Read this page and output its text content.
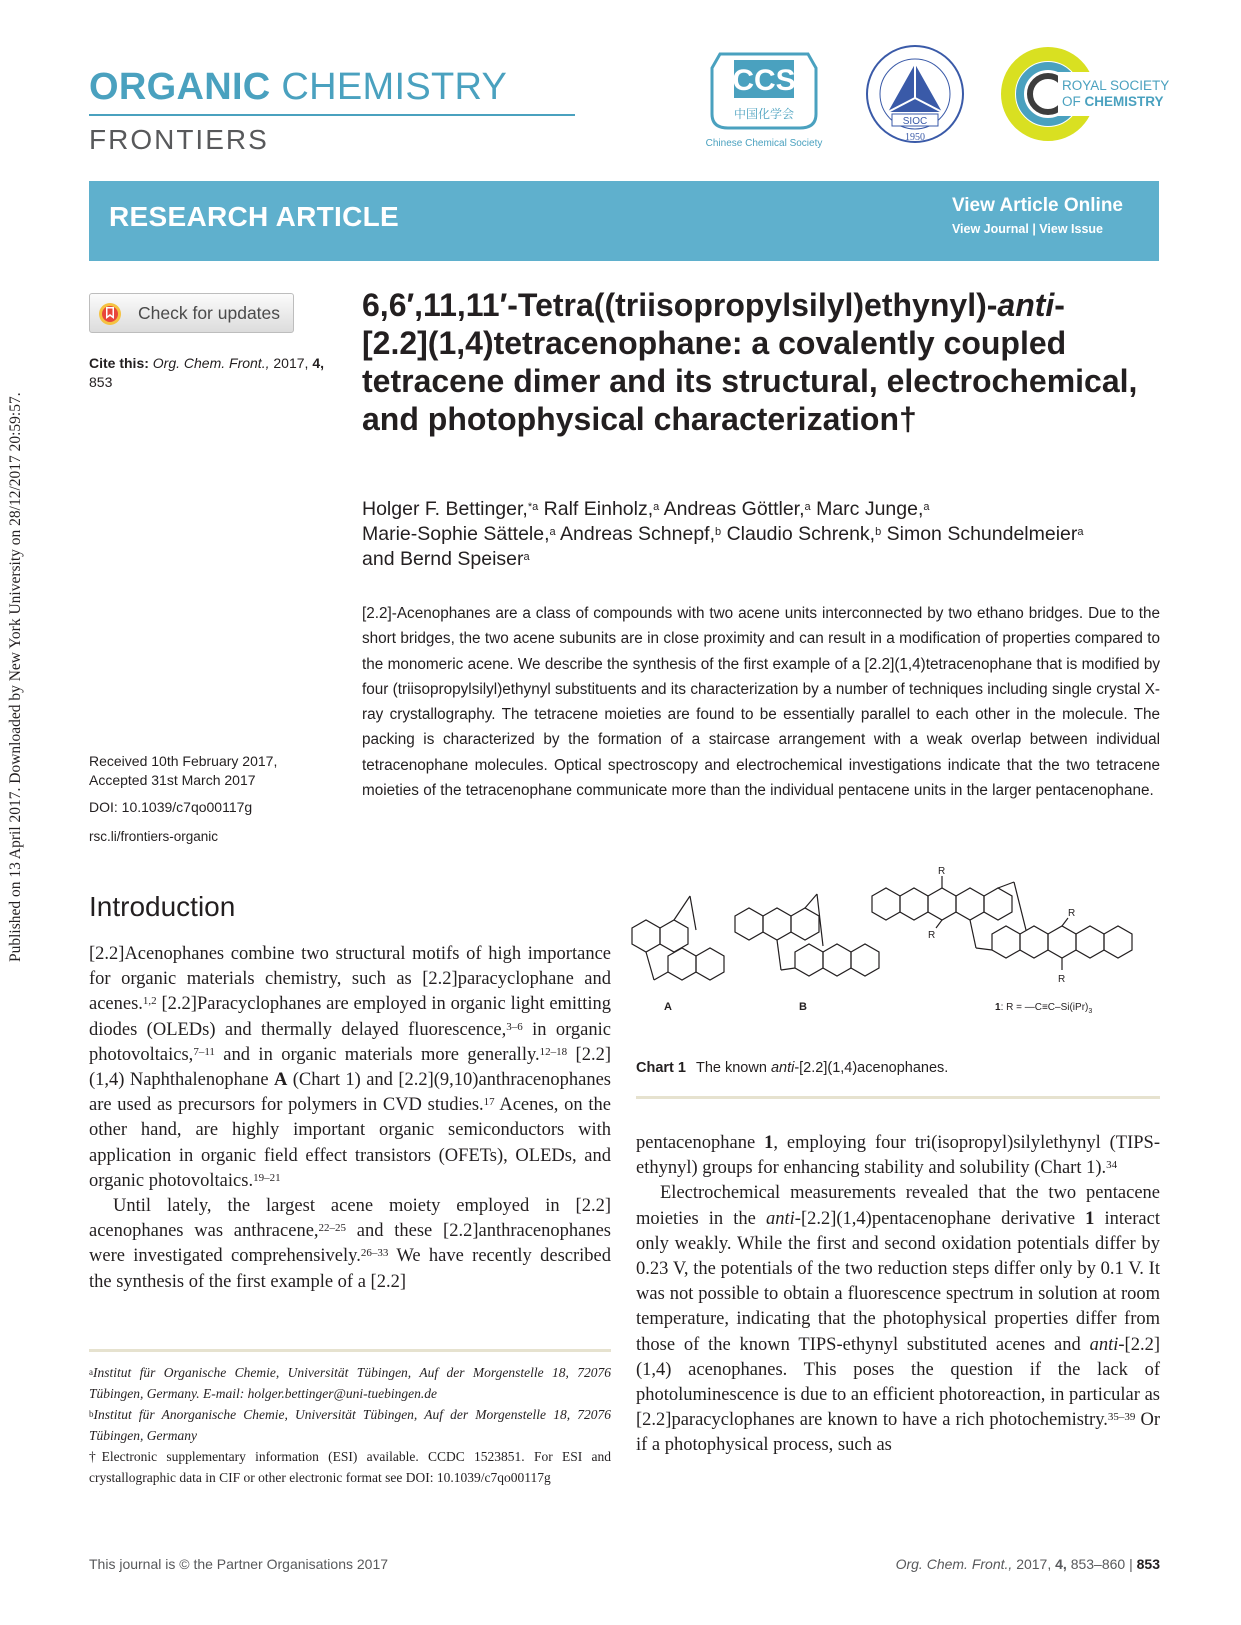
Published on 13 April 2017. Downloaded by New York University on 28/12/2017 20:59:57.
ORGANIC CHEMISTRY
FRONTIERS
CCS
中国化学会
Chinese Chemical Society
SIOC
1950
ROYAL SOCIETY
OF CHEMISTRY
RESEARCH ARTICLE	View Article Online
View Journal | View Issue
Check for updates
Cite this: Org. Chem. Front., 2017, 4,
853
6,6′,11,11′-Tetra((triisopropylsilyl)ethynyl)-anti-
[2.2](1,4)tetracenophane: a covalently coupled tetracene dimer and its structural, electrochemical, and photophysical characterization†
Holger F. Bettinger,$^{*a}$ Ralf Einholz,$^a$ Andreas Göttler,$^a$ Marc Junge,$^a$
Marie-Sophie Sättele,$^a$ Andreas Schnepf,$^b$ Claudio Schrenk,$^b$ Simon Schundelmeier$^a$
and Bernd Speiser$^a$
[2.2]-Acenophanes are a class of compounds with two acene units interconnected by two ethano bridges. Due to the short bridges, the two acene subunits are in close proximity and can result in a modification of properties compared to the monomeric acene. We describe the synthesis of the first example of a [2.2](1,4)tetracenophane that is modified by four (triisopropylsilyl)ethynyl substituents and its characterization by a number of techniques including single crystal X-ray crystallography. The tetracene moieties are found to be essentially parallel to each other in the molecule. The packing is characterized by the formation of a staircase arrangement with a weak overlap between individual tetracenophane molecules. Optical spectroscopy and electrochemical investigations indicate that the two tetracene moieties of the tetracenophane communicate more than the individual pentacene units in the larger pentacenophane.
Received 10th February 2017,
Accepted 31st March 2017
DOI: 10.1039/c7qo00117g
rsc.li/frontiers-organic
Introduction

[2.2]Acenophanes combine two structural motifs of high importance for organic materials chemistry, such as [2.2]paracyclophane and acenes.$^{1,2}$ [2.2]Paracyclophanes are employed in organic light emitting diodes (OLEDs) and thermally delayed fluorescence,$^{3-6}$ in organic photovoltaics,$^{7-11}$ and in organic materials more generally.$^{12-18}$ [2.2](1,4) Naphthalenophane A (Chart 1) and [2.2](9,10)anthracenophanes are used as precursors for polymers in CVD studies.$^{17}$ Acenes, on the other hand, are highly important organic semiconductors with application in organic field effect transistors (OFETs), OLEDs, and organic photovoltaics.$^{19-21}$

Until lately, the largest acene moiety employed in [2.2] acenophanes was anthracene,$^{22-25}$ and these [2.2]anthracenophanes were investigated comprehensively.$^{26-33}$ We have recently described the synthesis of the first example of a [2.2]

$^a$Institut für Organische Chemie, Universität Tübingen, Auf der Morgenstelle 18, 72076 Tübingen, Germany. E-mail: holger.bettinger@uni-tuebingen.de
$^b$Institut für Anorganische Chemie, Universität Tübingen, Auf der Morgenstelle 18, 72076 Tübingen, Germany
†Electronic supplementary information (ESI) available. CCDC 1523851. For ESI and crystallographic data in CIF or other electronic format see DOI: 10.1039/c7qo00117g
A	B
R
R
R
R
1: $R = —C\equiv C-Si(iPr)_3$
Chart 1 The known anti-[2.2](1,4)acenophanes.

pentacenophane 1, employing four tri(isopropyl)silylethynyl (TIPS-ethynyl) groups for enhancing stability and solubility (Chart 1).$^{34}$

Electrochemical measurements revealed that the two pentacene moieties in the anti-[2.2](1,4)pentacenophane derivative 1 interact only weakly. While the first and second oxidation potentials differ by 0.23 V, the potentials of the two reduction steps differ only by 0.1 V. It was not possible to obtain a fluorescence spectrum in solution at room temperature, indicating that the photophysical properties differ from those of the known TIPS-ethynyl substituted acenes and anti-[2.2](1,4) acenophanes. This poses the question if the lack of photoluminescence is due to an efficient photoreaction, in particular as [2.2]paracyclophanes are known to have a rich photochemistry.$^{35-39}$ Or if a photophysical process, such as

This journal is © the Partner Organisations 2017	Org. Chem. Front., 2017, 4, 853–860 | 853
